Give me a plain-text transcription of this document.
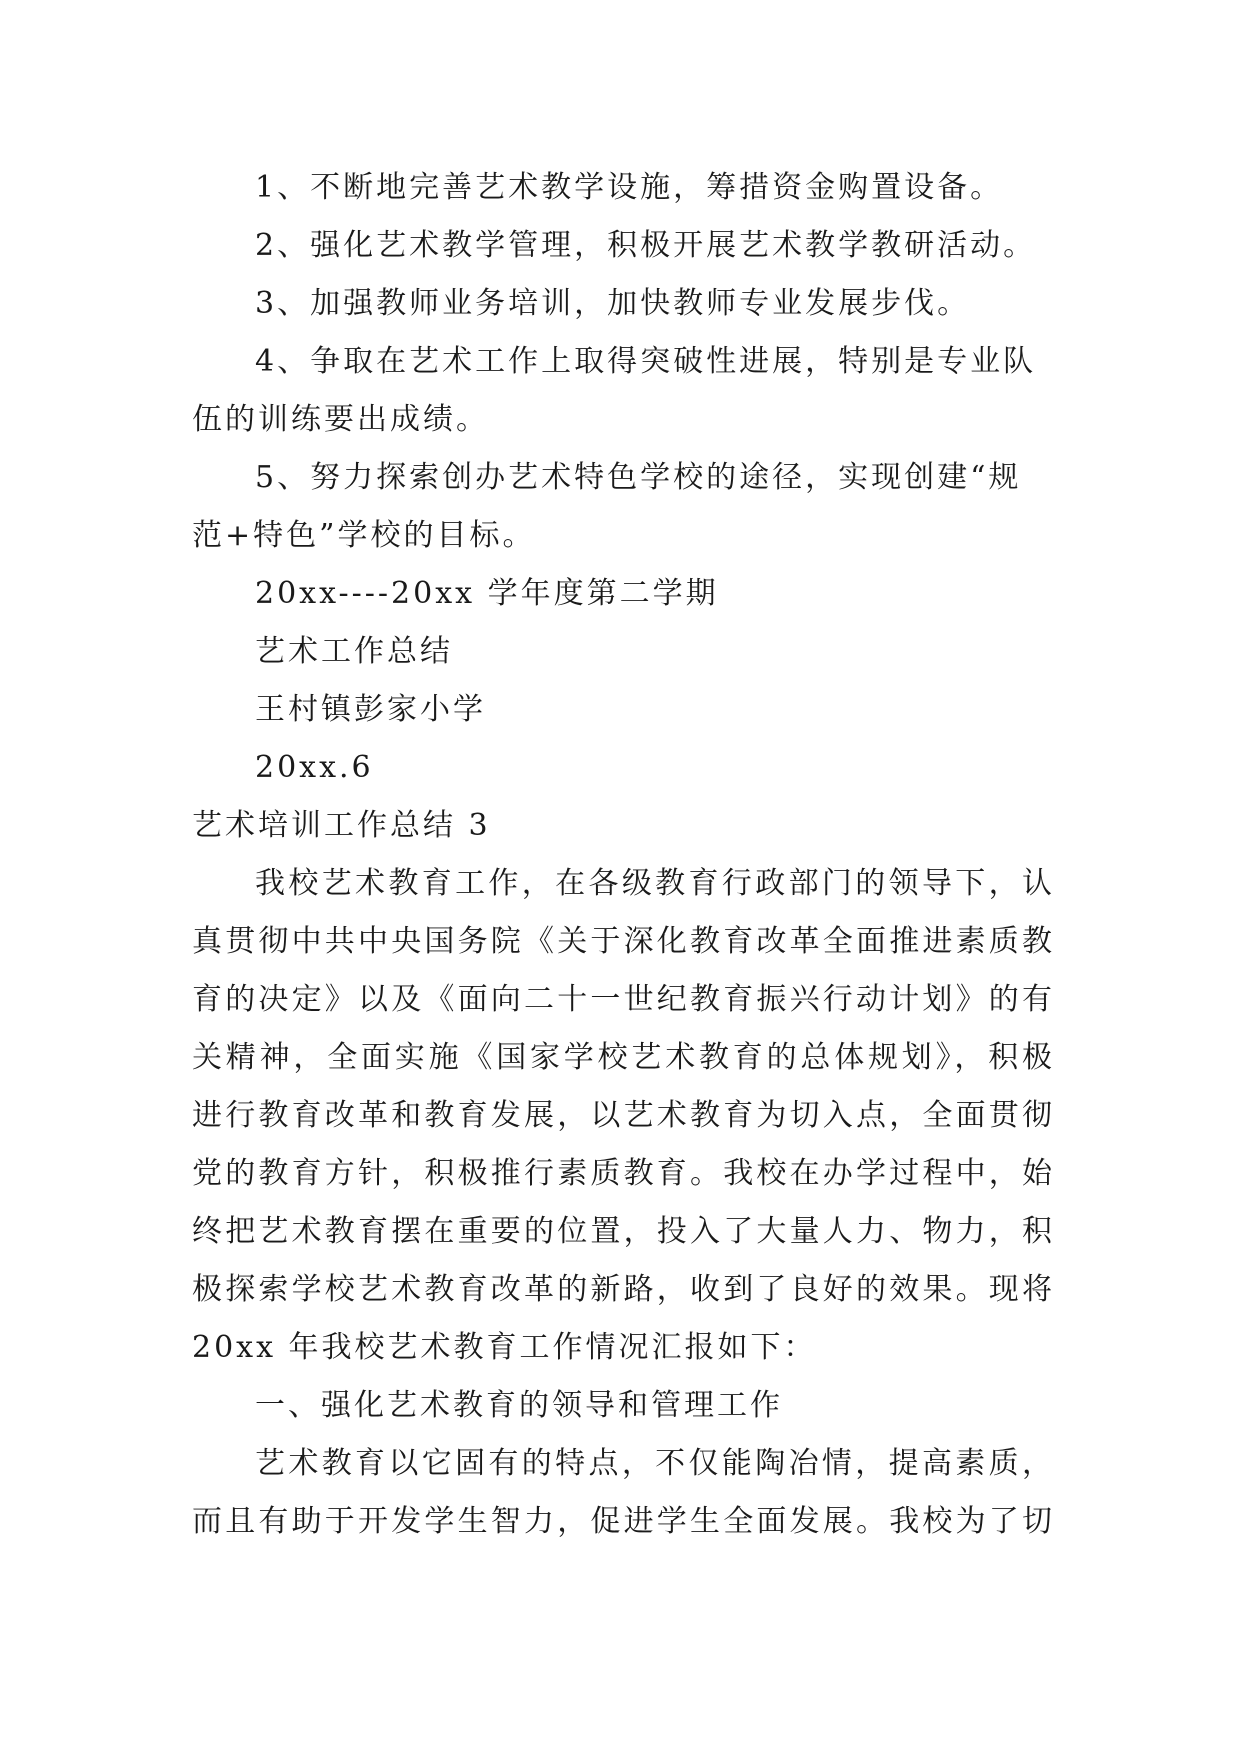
1、不断地完善艺术教学设施，筹措资金购置设备。
2、强化艺术教学管理，积极开展艺术教学教研活动。
3、加强教师业务培训，加快教师专业发展步伐。
4、争取在艺术工作上取得突破性进展，特别是专业队
伍的训练要出成绩。
5、努力探索创办艺术特色学校的途径，实现创建“规
范+特色”学校的目标。
20xx----20xx 学年度第二学期
艺术工作总结
王村镇彭家小学
20xx.6
艺术培训工作总结 3
我校艺术教育工作，在各级教育行政部门的领导下，认
真贯彻中共中央国务院《关于深化教育改革全面推进素质教
育的决定》以及《面向二十一世纪教育振兴行动计划》的有
关精神，全面实施《国家学校艺术教育的总体规划》，积极
进行教育改革和教育发展，以艺术教育为切入点，全面贯彻
党的教育方针，积极推行素质教育。我校在办学过程中，始
终把艺术教育摆在重要的位置，投入了大量人力、物力，积
极探索学校艺术教育改革的新路，收到了良好的效果。现将
20xx 年我校艺术教育工作情况汇报如下：
一、强化艺术教育的领导和管理工作
艺术教育以它固有的特点，不仅能陶冶情，提高素质，
而且有助于开发学生智力，促进学生全面发展。我校为了切
